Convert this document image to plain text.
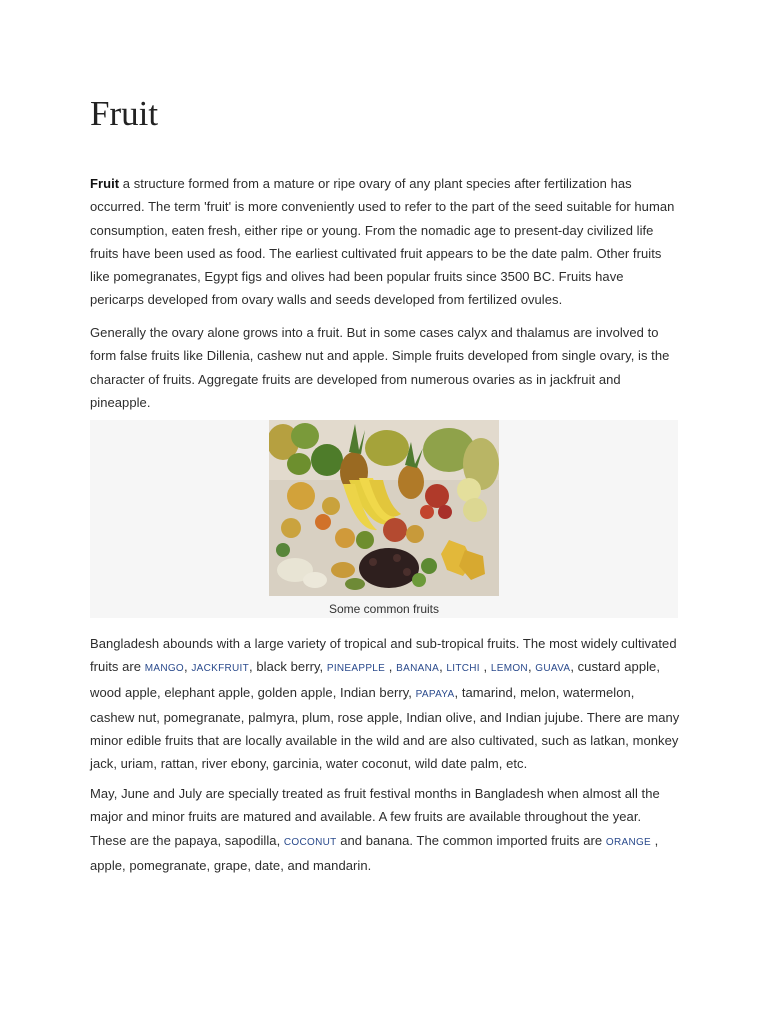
Fruit

Fruit a structure formed from a mature or ripe ovary of any plant species after fertilization has occurred. The term 'fruit' is more conveniently used to refer to the part of the seed suitable for human consumption, eaten fresh, either ripe or young. From the nomadic age to present-day civilized life fruits have been used as food. The earliest cultivated fruit appears to be the date palm. Other fruits like pomegranates, Egypt figs and olives had been popular fruits since 3500 BC. Fruits have pericarps developed from ovary walls and seeds developed from fertilized ovules.

Generally the ovary alone grows into a fruit. But in some cases calyx and thalamus are involved to form false fruits like Dillenia, cashew nut and apple. Simple fruits developed from single ovary, is the character of fruits. Aggregate fruits are developed from numerous ovaries as in jackfruit and pineapple.

Some common fruits

Bangladesh abounds with a large variety of tropical and sub-tropical fruits. The most widely cultivated fruits are MANGO, JACKFRUIT, black berry, PINEAPPLE , BANANA, LITCHI , LEMON, GUAVA, custard apple, wood apple, elephant apple, golden apple, Indian berry, PAPAYA, tamarind, melon, watermelon, cashew nut, pomegranate, palmyra, plum, rose apple, Indian olive, and Indian jujube. There are many minor edible fruits that are locally available in the wild and are also cultivated, such as latkan, monkey jack, uriam, rattan, river ebony, garcinia, water coconut, wild date palm, etc.

May, June and July are specially treated as fruit festival months in Bangladesh when almost all the major and minor fruits are matured and available. A few fruits are available throughout the year. These are the papaya, sapodilla, COCONUT and banana. The common imported fruits are ORANGE , apple, pomegranate, grape, date, and mandarin.
